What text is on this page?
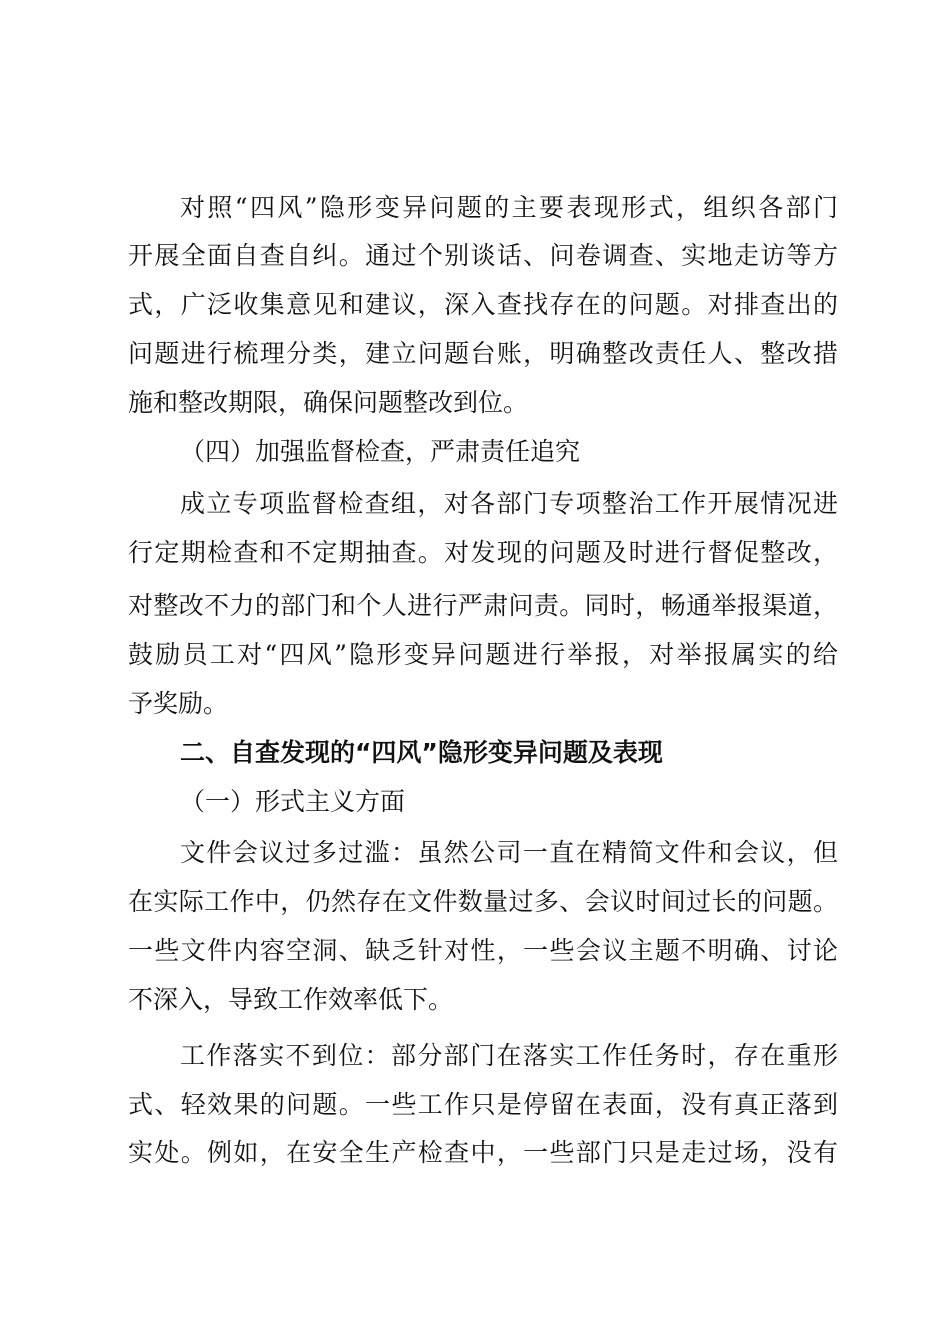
对照“四风”隐形变异问题的主要表现形式，组织各部门
开展全面自查自纠。通过个别谈话、问卷调查、实地走访等方
式，广泛收集意见和建议，深入查找存在的问题。对排查出的
问题进行梳理分类，建立问题台账，明确整改责任人、整改措
施和整改期限，确保问题整改到位。
（四）加强监督检查，严肃责任追究
成立专项监督检查组，对各部门专项整治工作开展情况进
行定期检查和不定期抽查。对发现的问题及时进行督促整改，
对整改不力的部门和个人进行严肃问责。同时，畅通举报渠道，
鼓励员工对“四风”隐形变异问题进行举报，对举报属实的给
予奖励。
二、自查发现的“四风”隐形变异问题及表现
（一）形式主义方面
文件会议过多过滥：虽然公司一直在精简文件和会议，但
在实际工作中，仍然存在文件数量过多、会议时间过长的问题。
一些文件内容空洞、缺乏针对性，一些会议主题不明确、讨论
不深入，导致工作效率低下。
工作落实不到位：部分部门在落实工作任务时，存在重形
式、轻效果的问题。一些工作只是停留在表面，没有真正落到
实处。例如，在安全生产检查中，一些部门只是走过场，没有
